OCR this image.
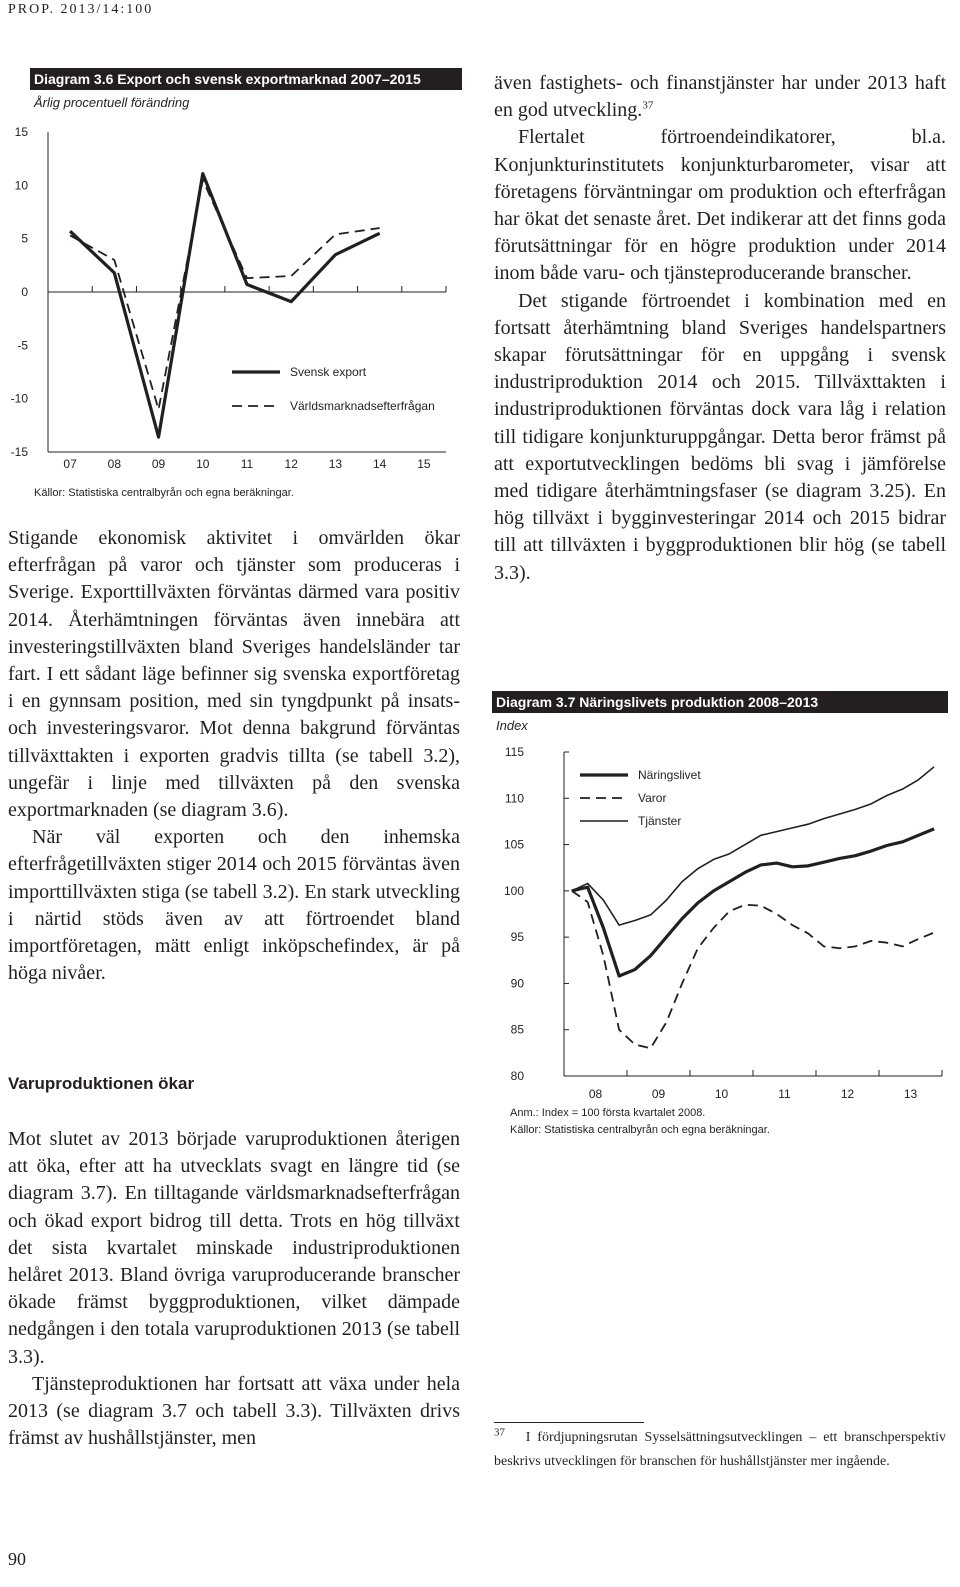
PROP. 2013/14:100
Diagram 3.6 Export och svensk exportmarknad 2007–2015
Årlig procentuell förändring
15
10
5
0
-5
-10
-15
07	08	09	10	11	12	13	14	15
Svensk export
Världsmarknadsefterfrågan
Källor: Statistiska centralbyrån och egna beräkningar.

Stigande ekonomisk aktivitet i omvärlden ökar efterfrågan på varor och tjänster som produceras i Sverige. Exporttillväxten förväntas därmed vara positiv 2014. Återhämtningen förväntas även innebära att investeringstillväxten bland Sveriges handelsländer tar fart. I ett sådant läge befinner sig svenska exportföretag i en gynnsam position, med sin tyngdpunkt på insats- och investeringsvaror. Mot denna bakgrund förväntas tillväxttakten i exporten gradvis tillta (se tabell 3.2), ungefär i linje med tillväxten på den svenska exportmarknaden (se diagram 3.6).

När väl exporten och den inhemska efterfrågetillväxten stiger 2014 och 2015 förväntas även importtillväxten stiga (se tabell 3.2). En stark utveckling i närtid stöds även av att förtroendet bland importföretagen, mätt enligt inköpschefindex, är på höga nivåer.

Varuproduktionen ökar

Mot slutet av 2013 började varuproduktionen återigen att öka, efter att ha utvecklats svagt en längre tid (se diagram 3.7). En tilltagande världsmarknadsefterfrågan och ökad export bidrog till detta. Trots en hög tillväxt det sista kvartalet minskade industriproduktionen helåret 2013. Bland övriga varuproducerande branscher ökade främst byggproduktionen, vilket dämpade nedgången i den totala varuproduktionen 2013 (se tabell 3.3).

Tjänsteproduktionen har fortsatt att växa under hela 2013 (se diagram 3.7 och tabell 3.3). Tillväxten drivs främst av hushållstjänster, men

även fastighets- och finanstjänster har under 2013 haft en god utveckling.$^{37}$

Flertalet förtroendeindikatorer, bl.a. Konjunkturinstitutets konjunkturbarometer, visar att företagens förväntningar om produktion och efterfrågan har ökat det senaste året. Det indikerar att det finns goda förutsättningar för en högre produktion under 2014 inom både varu- och tjänsteproducerande branscher.

Det stigande förtroendet i kombination med en fortsatt återhämtning bland Sveriges handelspartners skapar förutsättningar för en uppgång i svensk industriproduktion 2014 och 2015. Tillväxttakten i industriproduktionen förväntas dock vara låg i relation till tidigare konjunkturuppgångar. Detta beror främst på att exportutvecklingen bedöms bli svag i jämförelse med tidigare återhämtningsfaser (se diagram 3.25). En hög tillväxt i bygginvesteringar 2014 och 2015 bidrar till att tillväxten i byggproduktionen blir hög (se tabell 3.3).

Diagram 3.7 Näringslivets produktion 2008–2013
Index
115
110
105
100
95
90
85
80
08	09	10	11	12	13
Näringslivet
Varor
Tjänster
Anm.: Index = 100 första kvartalet 2008.
Källor: Statistiska centralbyrån och egna beräkningar.
$^{37}$ I fördjupningsrutan Sysselsättningsutvecklingen – ett branschperspektiv beskrivs utvecklingen för branschen för hushållstjänster mer ingående.
90
